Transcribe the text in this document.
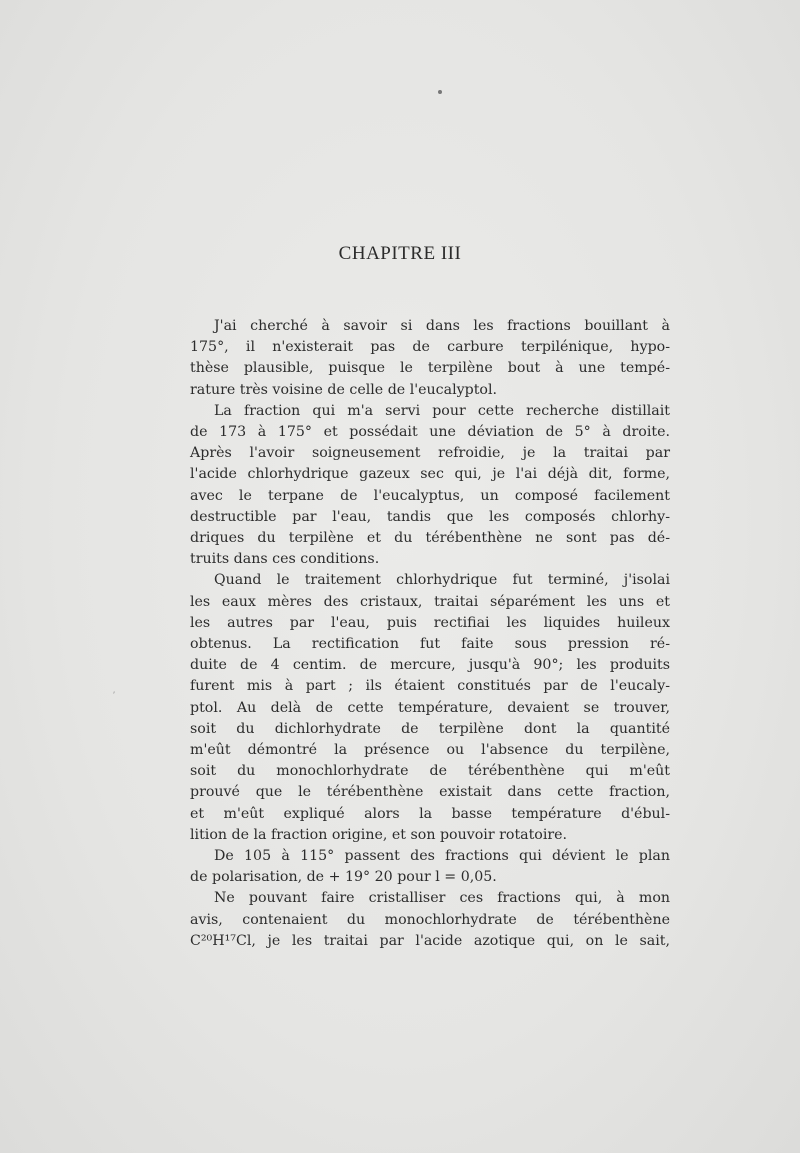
CHAPITRE III
J'ai cherché à savoir si dans les fractions bouillant à
175°, il n'existerait pas de carbure terpilénique, hypo-
thèse plausible, puisque le terpilène bout à une tempé-
rature très voisine de celle de l'eucalyptol.
La fraction qui m'a servi pour cette recherche distillait
de 173 à 175° et possédait une déviation de 5° à droite.
Après l'avoir soigneusement refroidie, je la traitai par
l'acide chlorhydrique gazeux sec qui, je l'ai déjà dit, forme,
avec le terpane de l'eucalyptus, un composé facilement
destructible par l'eau, tandis que les composés chlorhy-
driques du terpilène et du térébenthène ne sont pas dé-
truits dans ces conditions.
Quand le traitement chlorhydrique fut terminé, j'isolai
les eaux mères des cristaux, traitai séparément les uns et
les autres par l'eau, puis rectifiai les liquides huileux
obtenus. La rectification fut faite sous pression ré-
duite de 4 centim. de mercure, jusqu'à 90°; les produits
furent mis à part ; ils étaient constitués par de l'eucaly-
ptol. Au delà de cette température, devaient se trouver,
soit du dichlorhydrate de terpilène dont la quantité
m'eût démontré la présence ou l'absence du terpilène,
soit du monochlorhydrate de térébenthène qui m'eût
prouvé que le térébenthène existait dans cette fraction,
et m'eût expliqué alors la basse température d'ébul-
lition de la fraction origine, et son pouvoir rotatoire.
De 105 à 115° passent des fractions qui dévient le plan
de polarisation, de + 19° 20 pour l = 0,05.
Ne pouvant faire cristalliser ces fractions qui, à mon
avis, contenaient du monochlorhydrate de térébenthène
C²⁰H¹⁷Cl, je les traitai par l'acide azotique qui, on le sait,
⸴
